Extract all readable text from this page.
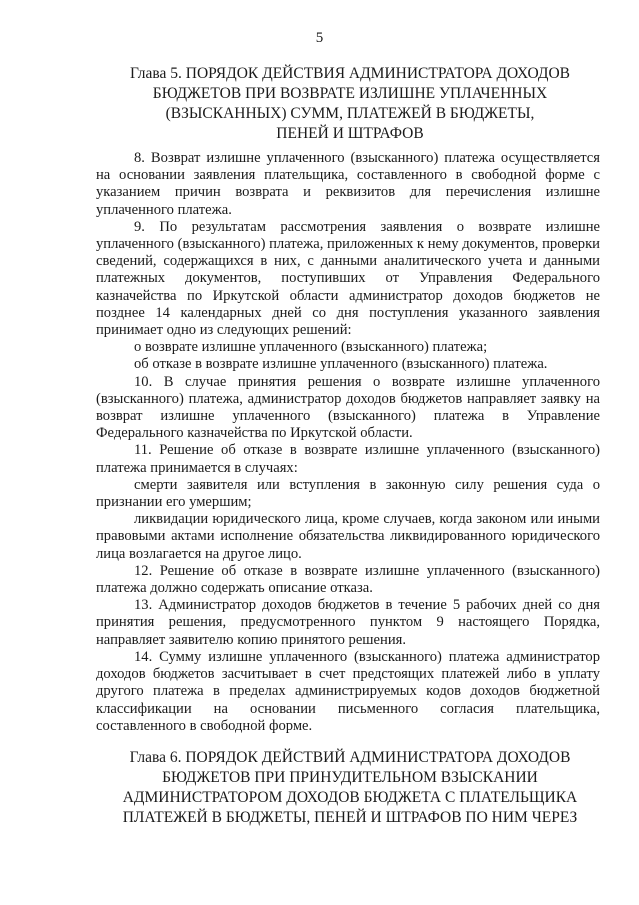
5
Глава 5. ПОРЯДОК ДЕЙСТВИЯ АДМИНИСТРАТОРА ДОХОДОВ
БЮДЖЕТОВ ПРИ ВОЗВРАТЕ ИЗЛИШНЕ УПЛАЧЕННЫХ
(ВЗЫСКАННЫХ) СУММ, ПЛАТЕЖЕЙ В БЮДЖЕТЫ,
ПЕНЕЙ И ШТРАФОВ

8. Возврат излишне уплаченного (взысканного) платежа осуществляется на основании заявления плательщика, составленного в свободной форме с указанием причин возврата и реквизитов для перечисления излишне уплаченного платежа.

9. По результатам рассмотрения заявления о возврате излишне уплаченного (взысканного) платежа, приложенных к нему документов, проверки сведений, содержащихся в них, с данными аналитического учета и данными платежных документов, поступивших от Управления Федерального казначейства по Иркутской области администратор доходов бюджетов не позднее 14 календарных дней со дня поступления указанного заявления принимает одно из следующих решений:

о возврате излишне уплаченного (взысканного) платежа;

об отказе в возврате излишне уплаченного (взысканного) платежа.

10. В случае принятия решения о возврате излишне уплаченного (взысканного) платежа, администратор доходов бюджетов направляет заявку на возврат излишне уплаченного (взысканного) платежа в Управление Федерального казначейства по Иркутской области.

11. Решение об отказе в возврате излишне уплаченного (взысканного) платежа принимается в случаях:

смерти заявителя или вступления в законную силу решения суда о признании его умершим;

ликвидации юридического лица, кроме случаев, когда законом или иными правовыми актами исполнение обязательства ликвидированного юридического лица возлагается на другое лицо.

12. Решение об отказе в возврате излишне уплаченного (взысканного) платежа должно содержать описание отказа.

13. Администратор доходов бюджетов в течение 5 рабочих дней со дня принятия решения, предусмотренного пунктом 9 настоящего Порядка, направляет заявителю копию принятого решения.

14. Сумму излишне уплаченного (взысканного) платежа администратор доходов бюджетов засчитывает в счет предстоящих платежей либо в уплату другого платежа в пределах администрируемых кодов доходов бюджетной классификации на основании письменного согласия плательщика, составленного в свободной форме.

Глава 6. ПОРЯДОК ДЕЙСТВИЙ АДМИНИСТРАТОРА ДОХОДОВ
БЮДЖЕТОВ ПРИ ПРИНУДИТЕЛЬНОМ ВЗЫСКАНИИ
АДМИНИСТРАТОРОМ ДОХОДОВ БЮДЖЕТА С ПЛАТЕЛЬЩИКА
ПЛАТЕЖЕЙ В БЮДЖЕТЫ, ПЕНЕЙ И ШТРАФОВ ПО НИМ ЧЕРЕЗ
